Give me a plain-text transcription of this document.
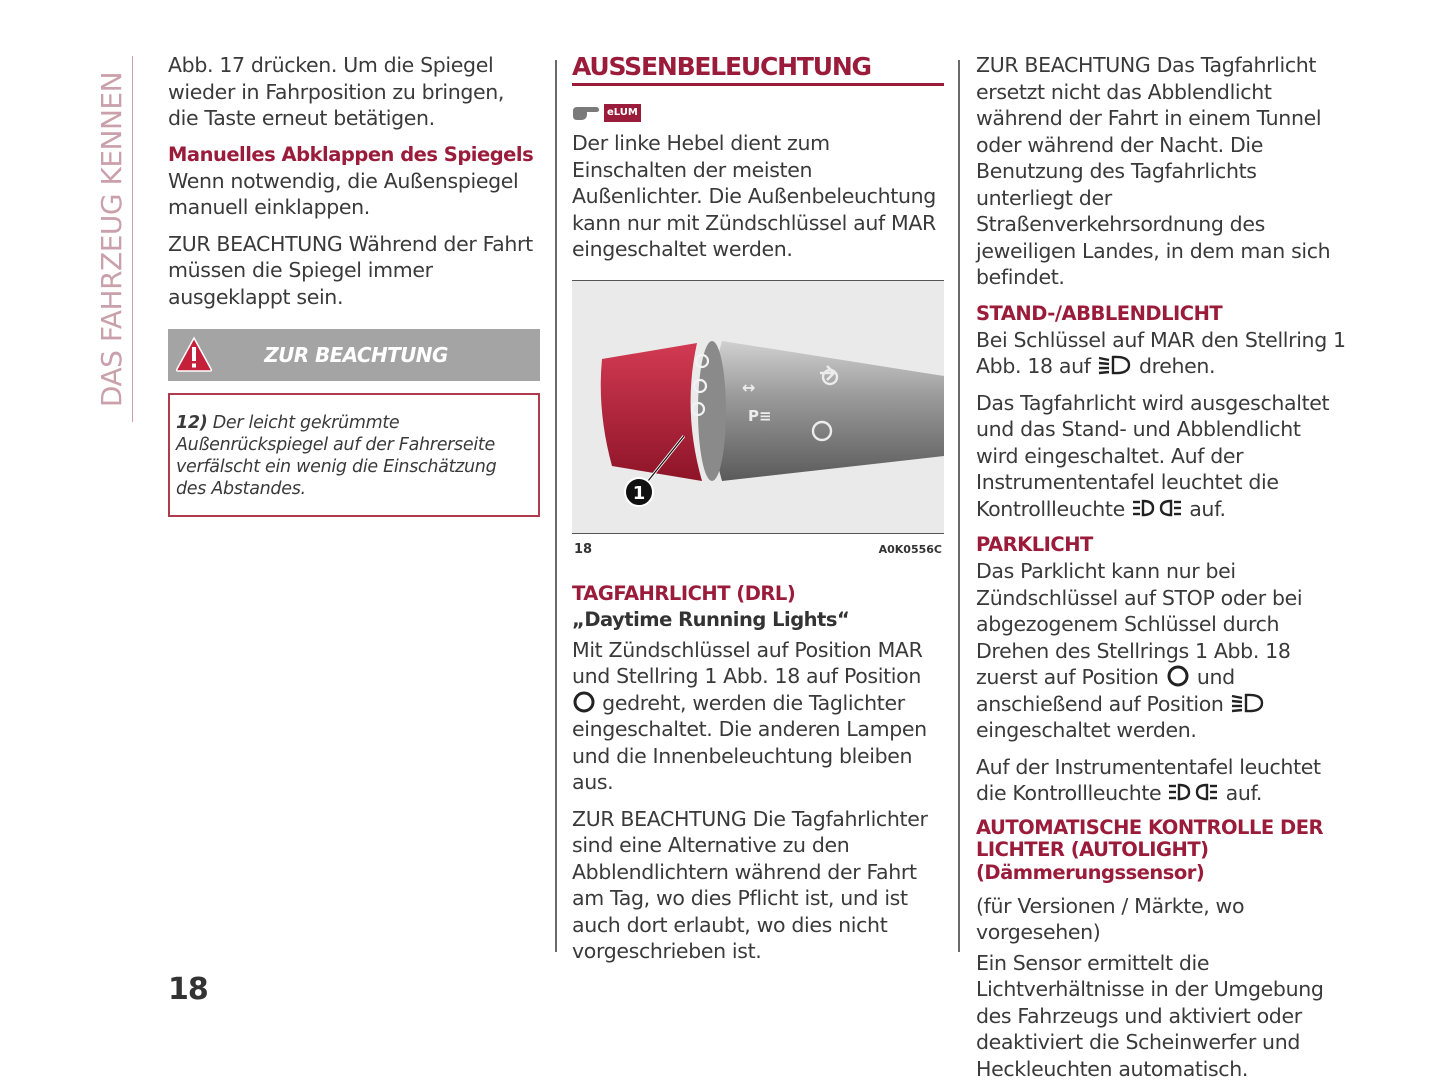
DAS FAHRZEUG KENNEN

Abb. 17 drücken. Um die Spiegel wieder in Fahrposition zu bringen, die Taste erneut betätigen.

Manuelles Abklappen des Spiegels

Wenn notwendig, die Außenspiegel manuell einklappen.

ZUR BEACHTUNG Während der Fahrt müssen die Spiegel immer ausgeklappt sein.

ZUR BEACHTUNG
12) Der leicht gekrümmte Außenrückspiegel auf der Fahrerseite verfälscht ein wenig die Einschätzung des Abstandes.
AUSSENBELEUCHTUNG
eLUM

Der linke Hebel dient zum Einschalten der meisten Außenlichter. Die Außenbeleuchtung kann nur mit Zündschlüssel auf MAR eingeschaltet werden.

↔
P≡
1
18	A0K0556C
TAGFAHRLICHT (DRL)
„Daytime Running Lights“

Mit Zündschlüssel auf Position MAR und Stellring 1 Abb. 18 auf Position  gedreht, werden die Taglichter eingeschaltet. Die anderen Lampen und die Innenbeleuchtung bleiben aus.

ZUR BEACHTUNG Die Tagfahrlichter sind eine Alternative zu den Abblendlichtern während der Fahrt am Tag, wo dies Pflicht ist, und ist auch dort erlaubt, wo dies nicht vorgeschrieben ist.

ZUR BEACHTUNG Das Tagfahrlicht ersetzt nicht das Abblendlicht während der Fahrt in einem Tunnel oder während der Nacht. Die Benutzung des Tagfahrlichts unterliegt der Straßenverkehrsordnung des jeweiligen Landes, in dem man sich befindet.

STAND-/ABBLENDLICHT

Bei Schlüssel auf MAR den Stellring 1 Abb. 18 auf drehen.

Das Tagfahrlicht wird ausgeschaltet und das Stand- und Abblendlicht wird eingeschaltet. Auf der Instrumententafel leuchtet die Kontrollleuchte	auf.

PARKLICHT

Das Parklicht kann nur bei Zündschlüssel auf STOP oder bei abgezogenem Schlüssel durch Drehen des Stellrings 1 Abb. 18 zuerst auf Position und anschießend auf Position  eingeschaltet werden.

Auf der Instrumententafel leuchtet die Kontrollleuchte	auf.

AUTOMATISCHE KONTROLLE DER LICHTER (AUTOLIGHT)
(Dämmerungssensor)

(für Versionen / Märkte, wo vorgesehen)

Ein Sensor ermittelt die Lichtverhältnisse in der Umgebung des Fahrzeugs und aktiviert oder deaktiviert die Scheinwerfer und Heckleuchten automatisch.

18
